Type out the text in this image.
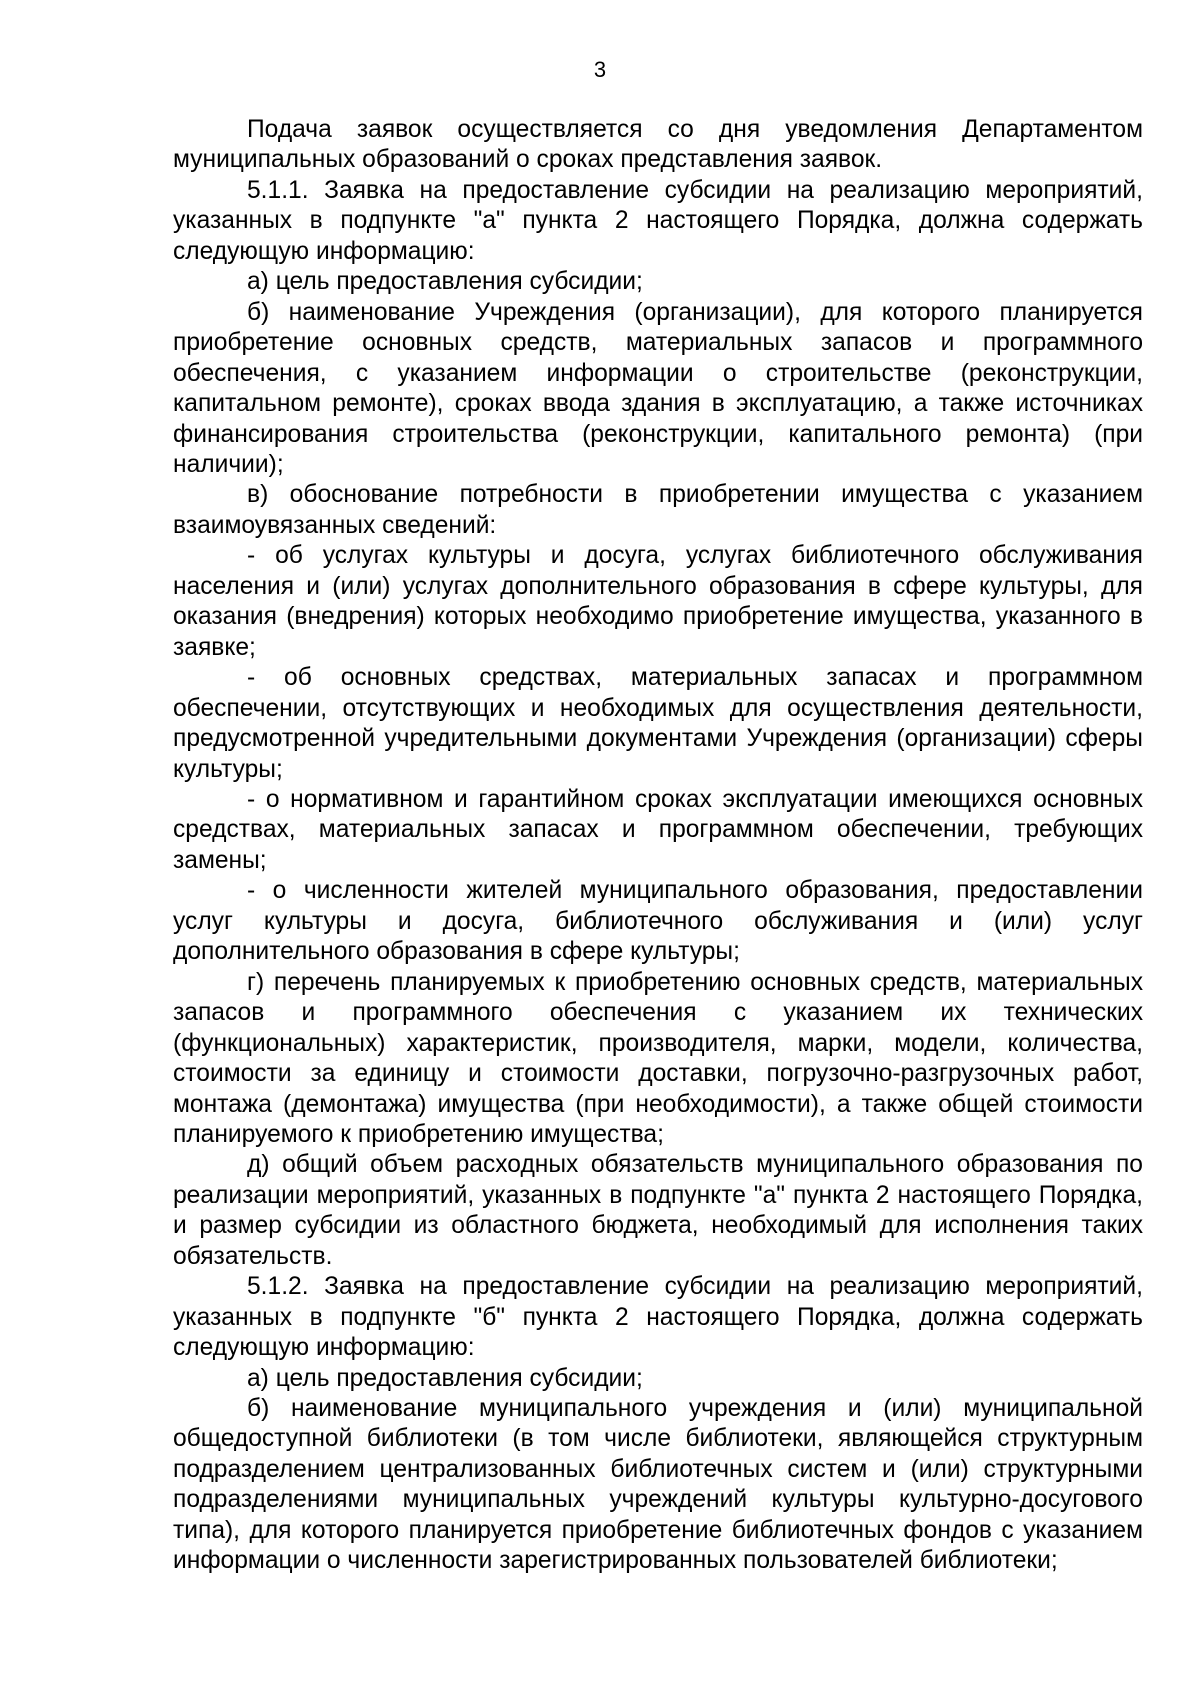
3

Подача заявок осуществляется со дня уведомления Департаментом муниципальных образований о сроках представления заявок.

5.1.1. Заявка на предоставление субсидии на реализацию мероприятий, указанных в подпункте "а" пункта 2 настоящего Порядка, должна содержать следующую информацию:

а) цель предоставления субсидии;

б) наименование Учреждения (организации), для которого планируется приобретение основных средств, материальных запасов и программного обеспечения, с указанием информации о строительстве (реконструкции, капитальном ремонте), сроках ввода здания в эксплуатацию, а также источниках финансирования строительства (реконструкции, капитального ремонта) (при наличии);

в) обоснование потребности в приобретении имущества с указанием взаимоувязанных сведений:

- об услугах культуры и досуга, услугах библиотечного обслуживания населения и (или) услугах дополнительного образования в сфере культуры, для оказания (внедрения) которых необходимо приобретение имущества, указанного в заявке;

- об основных средствах, материальных запасах и программном обеспечении, отсутствующих и необходимых для осуществления деятельности, предусмотренной учредительными документами Учреждения (организации) сферы культуры;

- о нормативном и гарантийном сроках эксплуатации имеющихся основных средствах, материальных запасах и программном обеспечении, требующих замены;

- о численности жителей муниципального образования, предоставлении услуг культуры и досуга, библиотечного обслуживания и (или) услуг дополнительного образования в сфере культуры;

г) перечень планируемых к приобретению основных средств, материальных запасов и программного обеспечения с указанием их технических (функциональных) характеристик, производителя, марки, модели, количества, стоимости за единицу и стоимости доставки, погрузочно-разгрузочных работ, монтажа (демонтажа) имущества (при необходимости), а также общей стоимости планируемого к приобретению имущества;

д) общий объем расходных обязательств муниципального образования по реализации мероприятий, указанных в подпункте "а" пункта 2 настоящего Порядка, и размер субсидии из областного бюджета, необходимый для исполнения таких обязательств.

5.1.2. Заявка на предоставление субсидии на реализацию мероприятий, указанных в подпункте "б" пункта 2 настоящего Порядка, должна содержать следующую информацию:

а) цель предоставления субсидии;

б) наименование муниципального учреждения и (или) муниципальной общедоступной библиотеки (в том числе библиотеки, являющейся структурным подразделением централизованных библиотечных систем и (или) структурными подразделениями муниципальных учреждений культуры культурно-досугового типа), для которого планируется приобретение библиотечных фондов с указанием информации о численности зарегистрированных пользователей библиотеки;
